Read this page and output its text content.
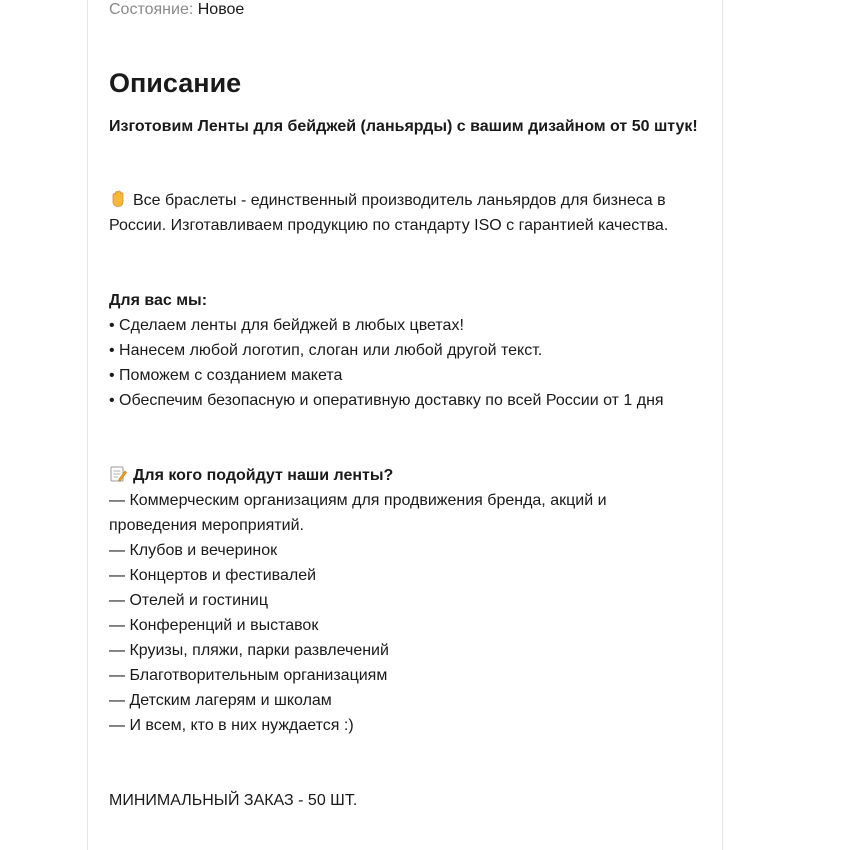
Состояние: Новое
Описание
Изготовим Ленты для бейджей (ланьярды) с вашим дизайном от 50 штук!
Все браслеты - единственный производитель ланьярдов для бизнеса в
России. Изготавливаем продукцию по стандарту ISO с гарантией качества.
Для вас мы:
• Сделаем ленты для бейджей в любых цветах!
• Нанесем любой логотип, слоган или любой другой текст.
• Поможем с созданием макета
• Обеспечим безопасную и оперативную доставку по всей России от 1 дня
Для кого подойдут наши ленты?
— Коммерческим организациям для продвижения бренда, акций и
проведения мероприятий.
— Клубов и вечеринок
— Концертов и фестивалей
— Отелей и гостиниц
— Конференций и выставок
— Круизы, пляжи, парки развлечений
— Благотворительным организациям
— Детским лагерям и школам
— И всем, кто в них нуждается :)
МИНИМАЛЬНЫЙ ЗАКАЗ - 50 ШТ.
